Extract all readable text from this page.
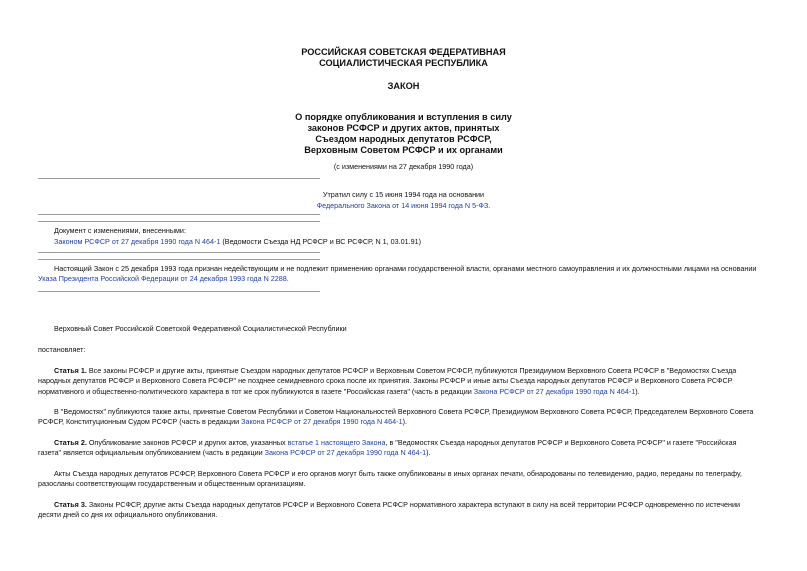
РОССИЙСКАЯ СОВЕТСКАЯ ФЕДЕРАТИВНАЯ
СОЦИАЛИСТИЧЕСКАЯ РЕСПУБЛИКА
ЗАКОН
О порядке опубликования и вступления в силу
законов РСФСР и других актов, принятых
Съездом народных депутатов РСФСР,
Верховным Советом РСФСР и их органами
(с изменениями на 27 декабря 1990 года)
Утратил силу с 15 июня 1994 года на основании
Федерального Закона от 14 июня 1994 года N 5-ФЗ.
Документ с изменениями, внесенными:
Законом РСФСР от 27 декабря 1990 года N 464-1 (Ведомости Съезда НД РСФСР и ВС РСФСР, N 1, 03.01.91)
Настоящий Закон с 25 декабря 1993 года признан недействующим и не подлежит применению органами государственной власти, органами местного самоуправления и их должностными лицами на основании
Указа Президента Российской Федерации от 24 декабря 1993 года N 2288.
Верховный Совет Российской Советской Федеративной Социалистической Республики
постановляет:
Статья 1. Все законы РСФСР и другие акты, принятые Съездом народных депутатов РСФСР и Верховным Советом РСФСР, публикуются Президиумом Верховного Совета РСФСР в "Ведомостях Съезда
народных депутатов РСФСР и Верховного Совета РСФСР" не позднее семидневного срока после их принятия. Законы РСФСР и иные акты Съезда народных депутатов РСФСР и Верховного Совета РСФСР
нормативного и общественно-политического характера в тот же срок публикуются в газете "Российская газета" (часть в редакции Закона РСФСР от 27 декабря 1990 года N 464-1).
В "Ведомостях" публикуются также акты, принятые Советом Республики и Советом Национальностей Верховного Совета РСФСР, Президиумом Верховного Совета РСФСР, Председателем Верховного Совета
РСФСР, Конституционным Судом РСФСР (часть в редакции Закона РСФСР от 27 декабря 1990 года N 464-1).
Статья 2. Опубликование законов РСФСР и других актов, указанных встатье 1 настоящего Закона, в "Ведомостях Съезда народных депутатов РСФСР и Верховного Совета РСФСР" и газете "Российская
газета" является официальным опубликованием (часть в редакции Закона РСФСР от 27 декабря 1990 года N 464-1).
Акты Съезда народных депутатов РСФСР, Верховного Совета РСФСР и его органов могут быть также опубликованы в иных органах печати, обнародованы по телевидению, радио, переданы по телеграфу,
разосланы соответствующим государственным и общественным организациям.
Статья 3. Законы РСФСР, другие акты Съезда народных депутатов РСФСР и Верховного Совета РСФСР нормативного характера вступают в силу на всей территории РСФСР одновременно по истечении
десяти дней со дня их официального опубликования.
